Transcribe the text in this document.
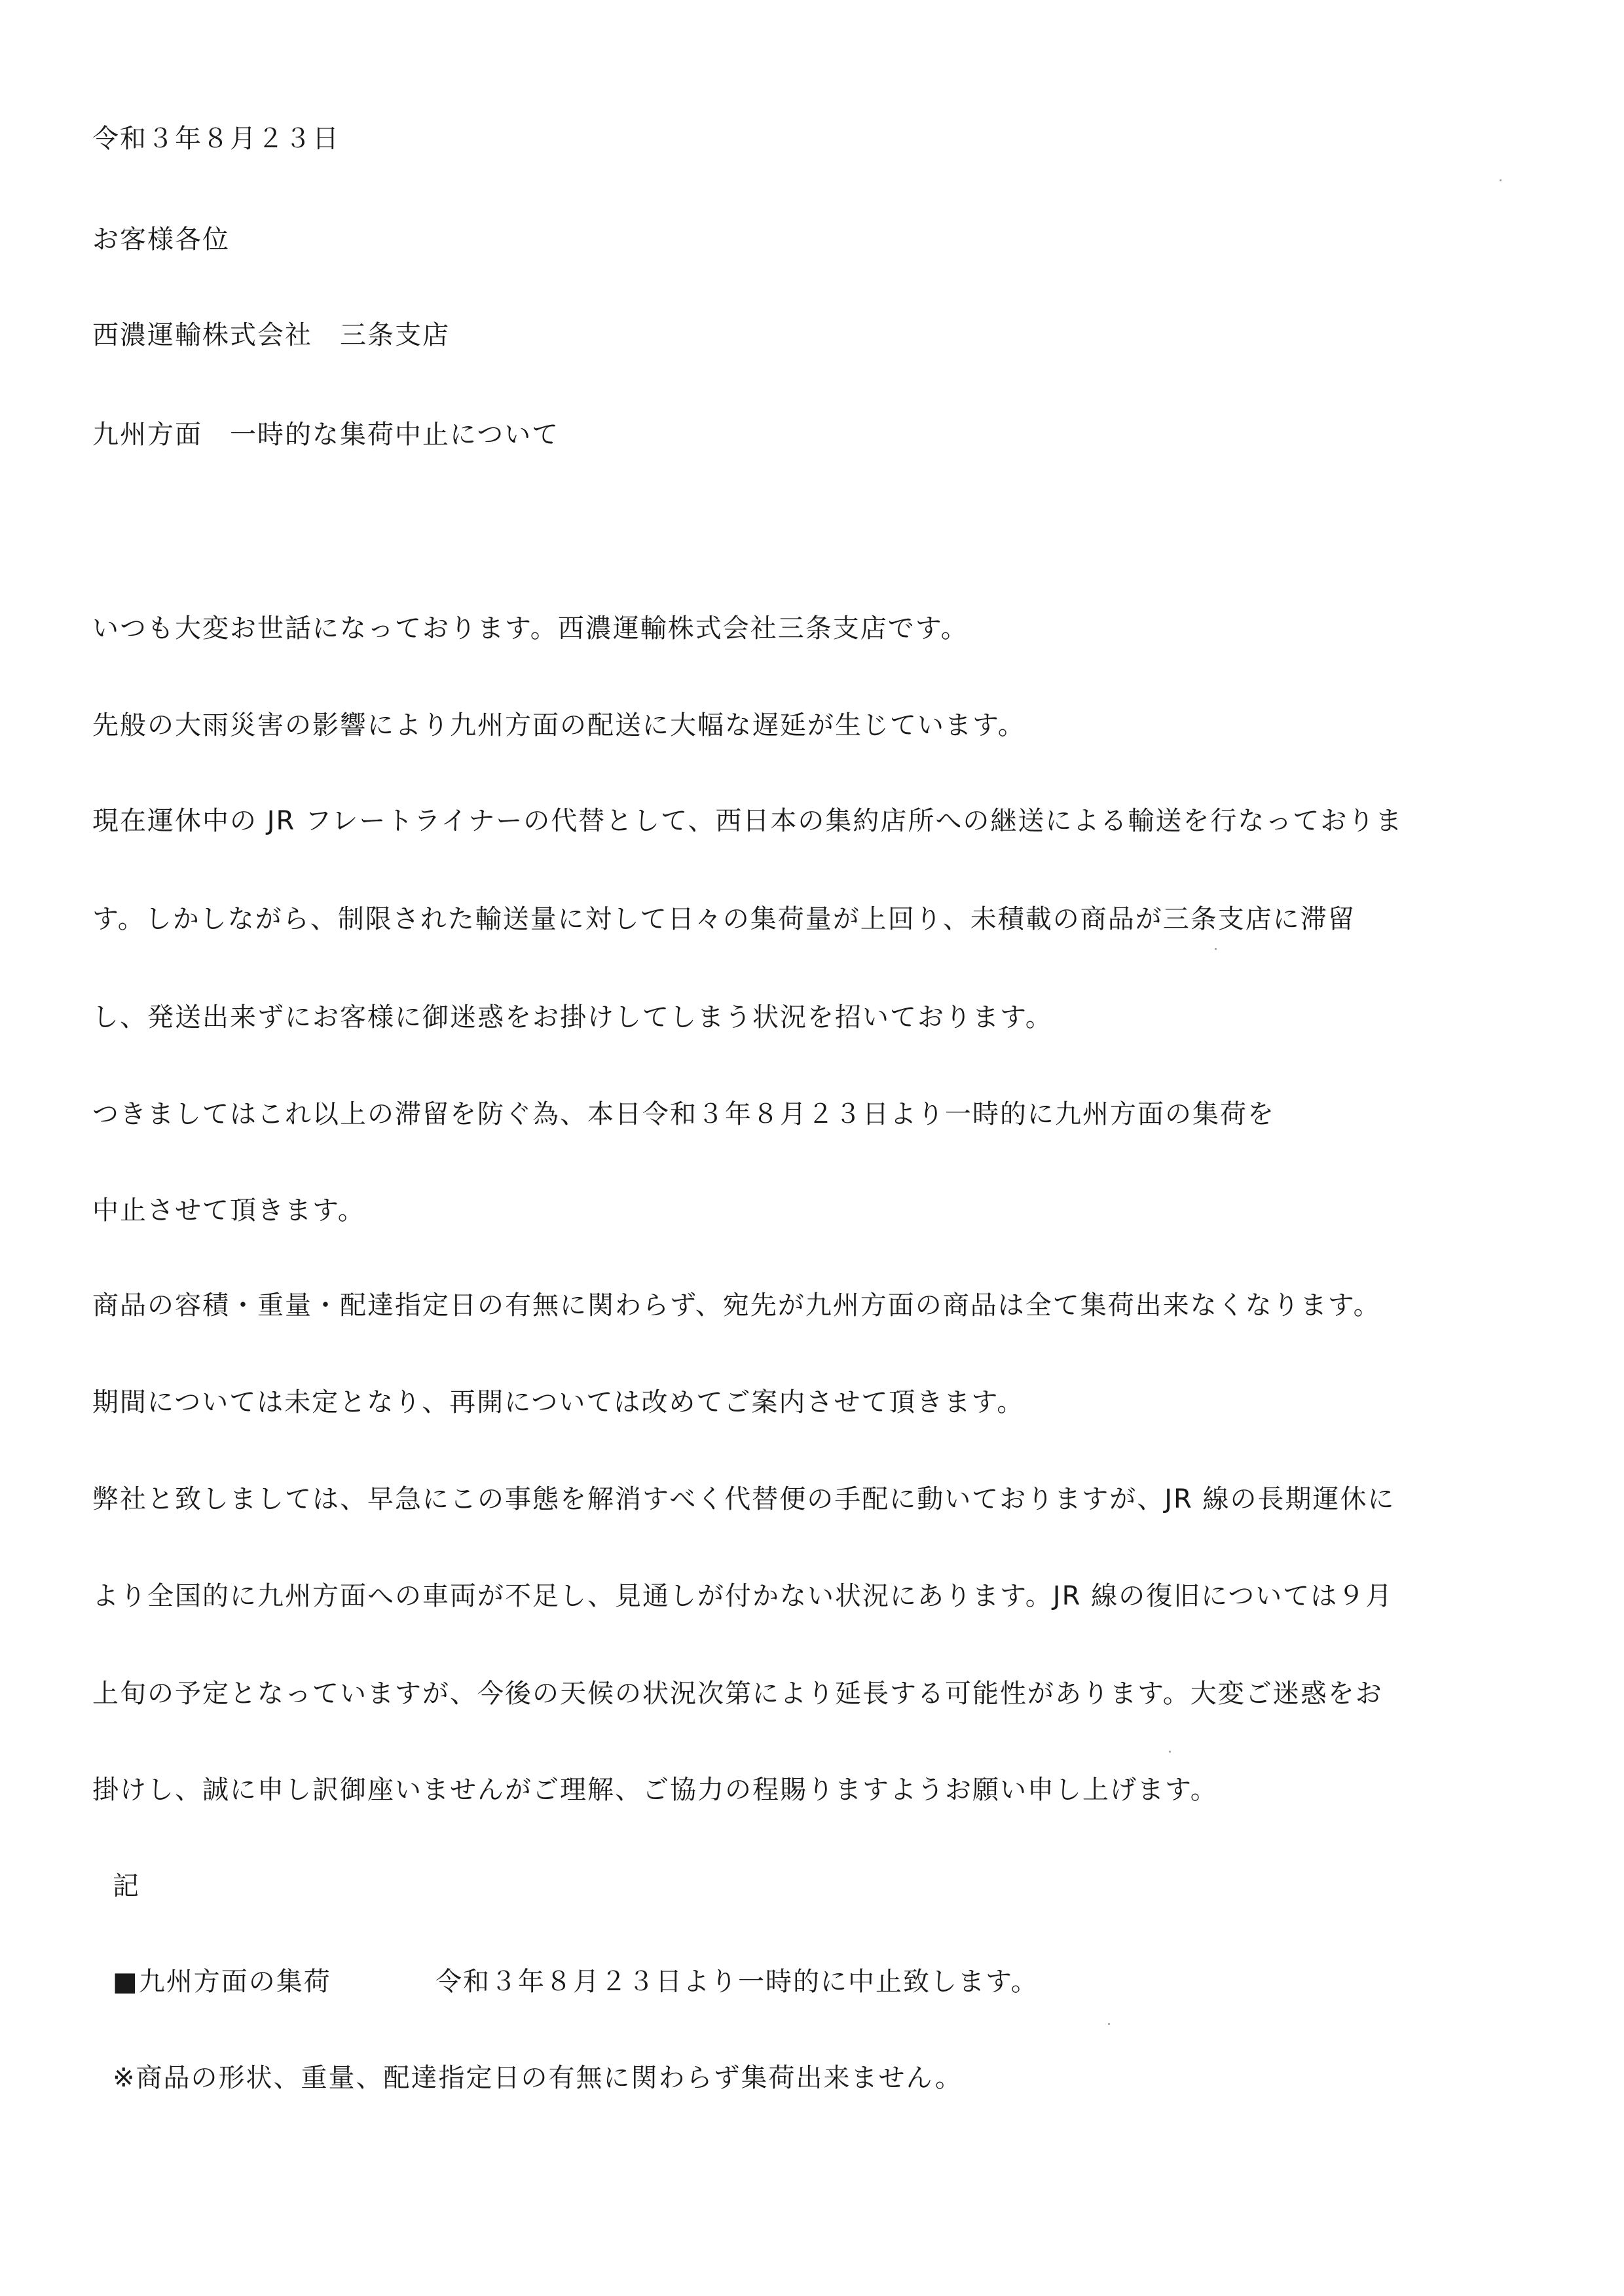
令和３年８月２３日
お客様各位
西濃運輸株式会社　三条支店
九州方面　一時的な集荷中止について
いつも大変お世話になっております。西濃運輸株式会社三条支店です。
先般の大雨災害の影響により九州方面の配送に大幅な遅延が生じています。
現在運休中の JR フレートライナーの代替として、西日本の集約店所への継送による輸送を行なっておりま
す。しかしながら、制限された輸送量に対して日々の集荷量が上回り、未積載の商品が三条支店に滞留
し、発送出来ずにお客様に御迷惑をお掛けしてしまう状況を招いております。
つきましてはこれ以上の滞留を防ぐ為、本日令和３年８月２３日より一時的に九州方面の集荷を
中止させて頂きます。
商品の容積・重量・配達指定日の有無に関わらず、宛先が九州方面の商品は全て集荷出来なくなります。
期間については未定となり、再開については改めてご案内させて頂きます。
弊社と致しましては、早急にこの事態を解消すべく代替便の手配に動いておりますが、JR 線の長期運休に
より全国的に九州方面への車両が不足し、見通しが付かない状況にあります。JR 線の復旧については９月
上旬の予定となっていますが、今後の天候の状況次第により延長する可能性があります。大変ご迷惑をお
掛けし、誠に申し訳御座いませんがご理解、ご協力の程賜りますようお願い申し上げます。
記
■九州方面の集荷	令和３年８月２３日より一時的に中止致します。
※商品の形状、重量、配達指定日の有無に関わらず集荷出来ません。
